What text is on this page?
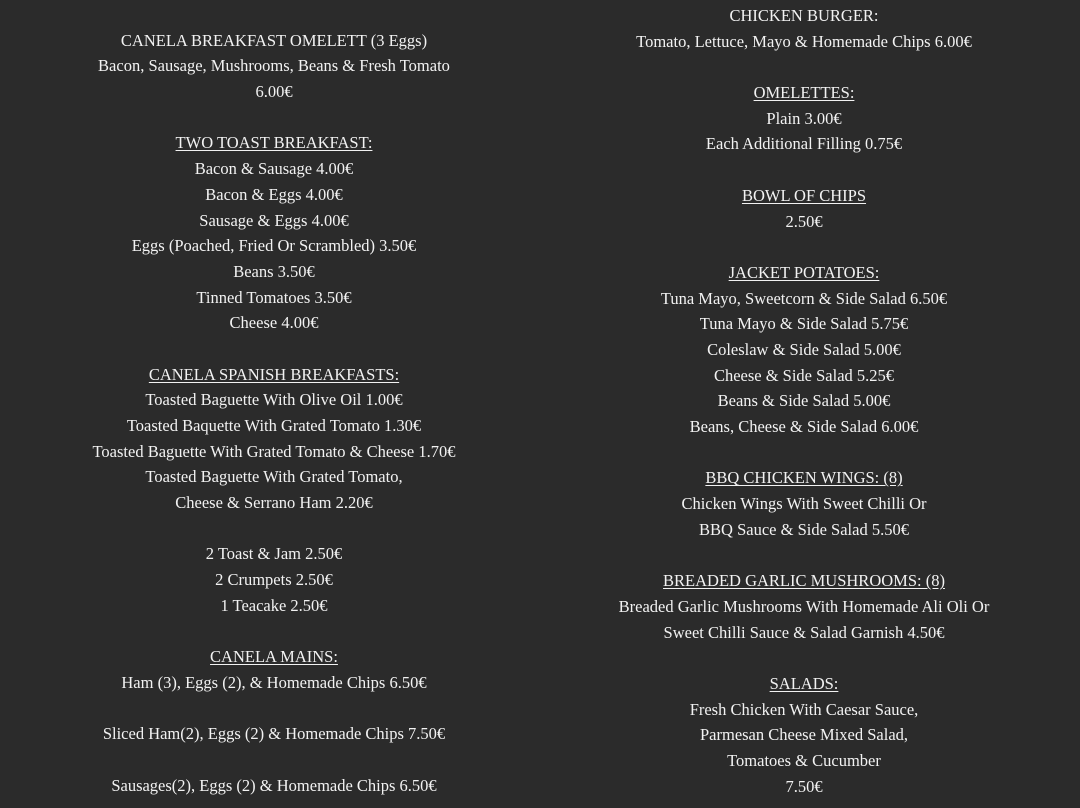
CANELA BREAKFAST OMELETT (3 Eggs)
Bacon, Sausage, Mushrooms, Beans & Fresh Tomato
6.00€
TWO TOAST BREAKFAST:
Bacon & Sausage 4.00€
Bacon & Eggs 4.00€
Sausage & Eggs 4.00€
Eggs (Poached, Fried Or Scrambled) 3.50€
Beans 3.50€
Tinned Tomatoes 3.50€
Cheese 4.00€
CANELA SPANISH BREAKFASTS:
Toasted Baguette With Olive Oil 1.00€
Toasted Baquette With Grated Tomato 1.30€
Toasted Baguette With Grated Tomato & Cheese 1.70€
Toasted Baguette With Grated Tomato,
Cheese & Serrano Ham 2.20€
2 Toast & Jam 2.50€
2 Crumpets 2.50€
1 Teacake 2.50€
CANELA MAINS:
Ham (3), Eggs (2), & Homemade Chips 6.50€
Sliced Ham(2), Eggs (2) & Homemade Chips 7.50€
Sausages(2), Eggs (2) & Homemade Chips 6.50€
CHICKEN BURGER:
Tomato, Lettuce, Mayo & Homemade Chips 6.00€
OMELETTES:
Plain 3.00€
Each Additional Filling 0.75€
BOWL OF CHIPS
2.50€
JACKET POTATOES:
Tuna Mayo, Sweetcorn & Side Salad 6.50€
Tuna Mayo & Side Salad 5.75€
Coleslaw & Side Salad 5.00€
Cheese & Side Salad 5.25€
Beans & Side Salad 5.00€
Beans, Cheese & Side Salad 6.00€
BBQ CHICKEN WINGS: (8)
Chicken Wings With Sweet Chilli Or
BBQ Sauce & Side Salad 5.50€
BREADED GARLIC MUSHROOMS: (8)
Breaded Garlic Mushrooms With Homemade Ali Oli Or
Sweet Chilli Sauce & Salad Garnish 4.50€
SALADS:
Fresh Chicken With Caesar Sauce,
Parmesan Cheese Mixed Salad,
Tomatoes & Cucumber
7.50€
